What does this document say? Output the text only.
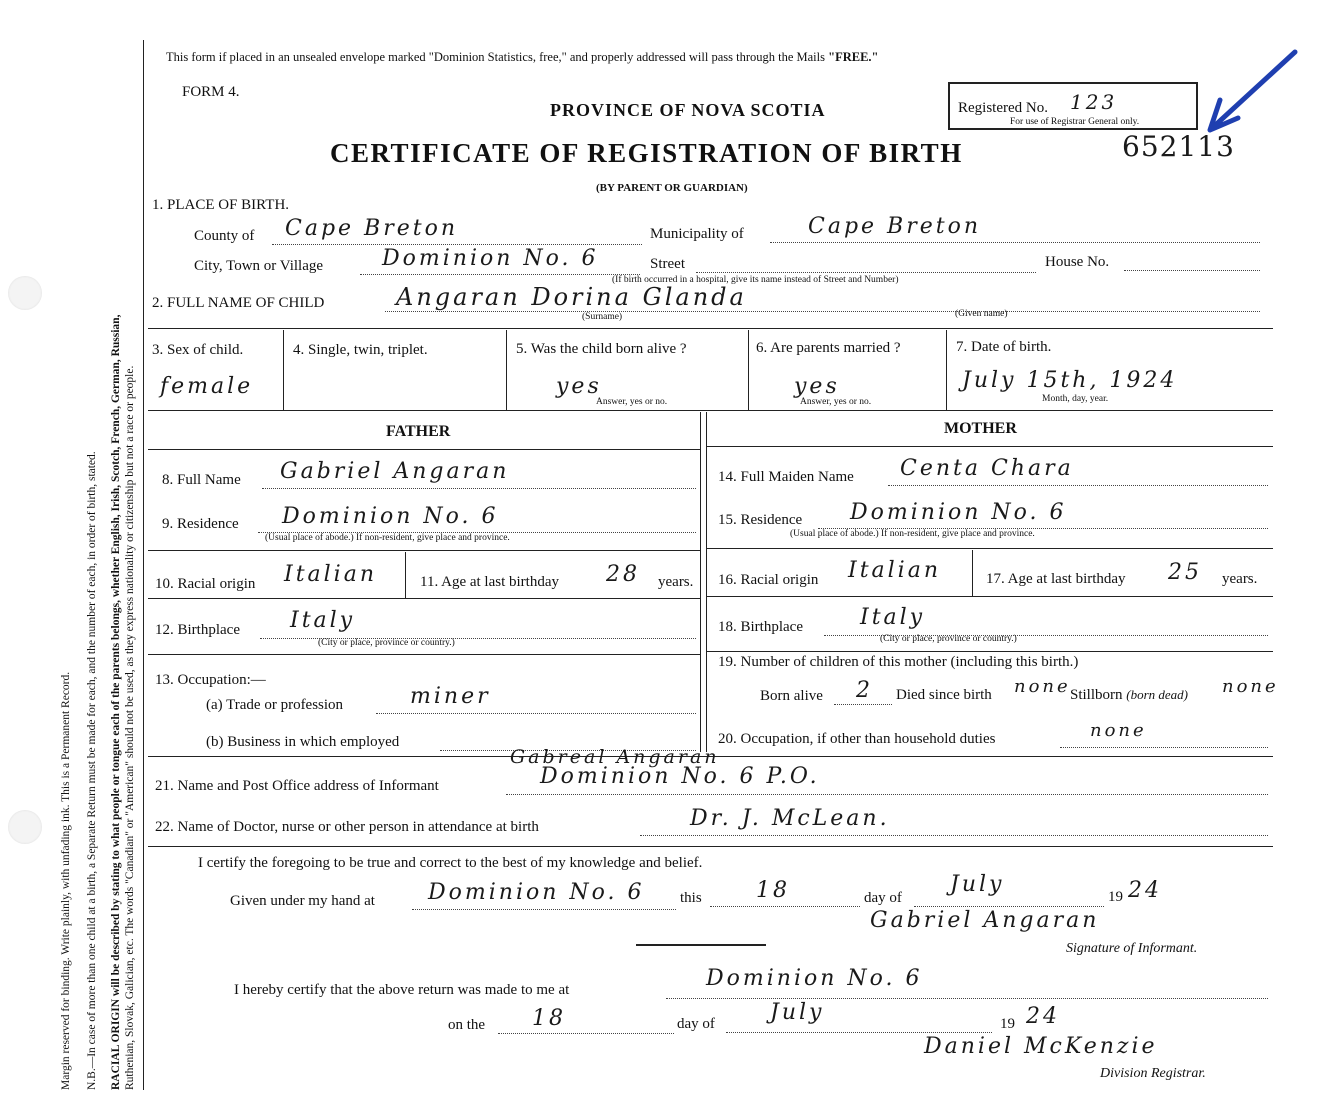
Margin reserved for binding. Write plainly, with unfading ink. This is a Permanent Record. N.B.—In case of more than one child at a birth, a Separate Return must be made for each, and the number of each, in order of birth, stated. RACIAL ORIGIN will be described by stating to what people or tongue each of the parents belongs, whether English, Irish, Scotch, French, German, Russian, Ruthenian, Slovak, Galician, etc. The words "Canadian" or "American" should not be used, as they express nationality or citizenship but not a race or people.
This form if placed in an unsealed envelope marked "Dominion Statistics, free," and properly addressed will pass through the Mails "FREE."
FORM 4.
PROVINCE OF NOVA SCOTIA
CERTIFICATE OF REGISTRATION OF BIRTH
(BY PARENT OR GUARDIAN)
Registered No. 123
For use of Registrar General only.
652113
1. PLACE OF BIRTH.
County of Cape Breton	Municipality of	Cape Breton
City, Town or Village	Dominion No. 6	Street	House No.
(If birth occurred in a hospital, give its name instead of Street and Number)
2. FULL NAME OF CHILD	Angaran Dorina Glanda
(Surname)	(Given name)
3. Sex of child.
female
4. Single, twin, triplet.	5. Was the child born alive ?
yes
Answer, yes or no.
6. Are parents married ?
yes
Answer, yes or no.
7. Date of birth.
July 15th, 1924
Month, day, year.
FATHER	MOTHER
8. Full Name Gabriel Angaran
9. Residence Dominion No. 6
(Usual place of abode.) If non-resident, give place and province.
10. Racial origin Italian	11. Age at last birthday 28 years.
12. Birthplace Italy
(City or place, province or country.)
13. Occupation:—
(a) Trade or profession	miner
(b) Business in which employed
14. Full Maiden Name Centa Chara
15. Residence Dominion No. 6
(Usual place of abode.) If non-resident, give place and province.
16. Racial origin Italian	17. Age at last birthday 25 years.
18. Birthplace	Italy
(City or place, province or country.)
19. Number of children of this mother (including this birth.)
Born alive 2 Died since birth none Stillborn (born dead) none
20. Occupation, if other than household duties	none
Gabreal Angaran
21. Name and Post Office address of Informant	Dominion No. 6 P.O.
22. Name of Doctor, nurse or other person in attendance at birth	Dr. J. McLean.
I certify the foregoing to be true and correct to the best of my knowledge and belief.
Given under my hand at Dominion No. 6 this 18	day of
July	19 24
Gabriel Angaran
Signature of Informant.
I hereby certify that the above return was made to me at	Dominion No. 6
on the 18	day of	July	19 24
Daniel McKenzie
Division Registrar.
